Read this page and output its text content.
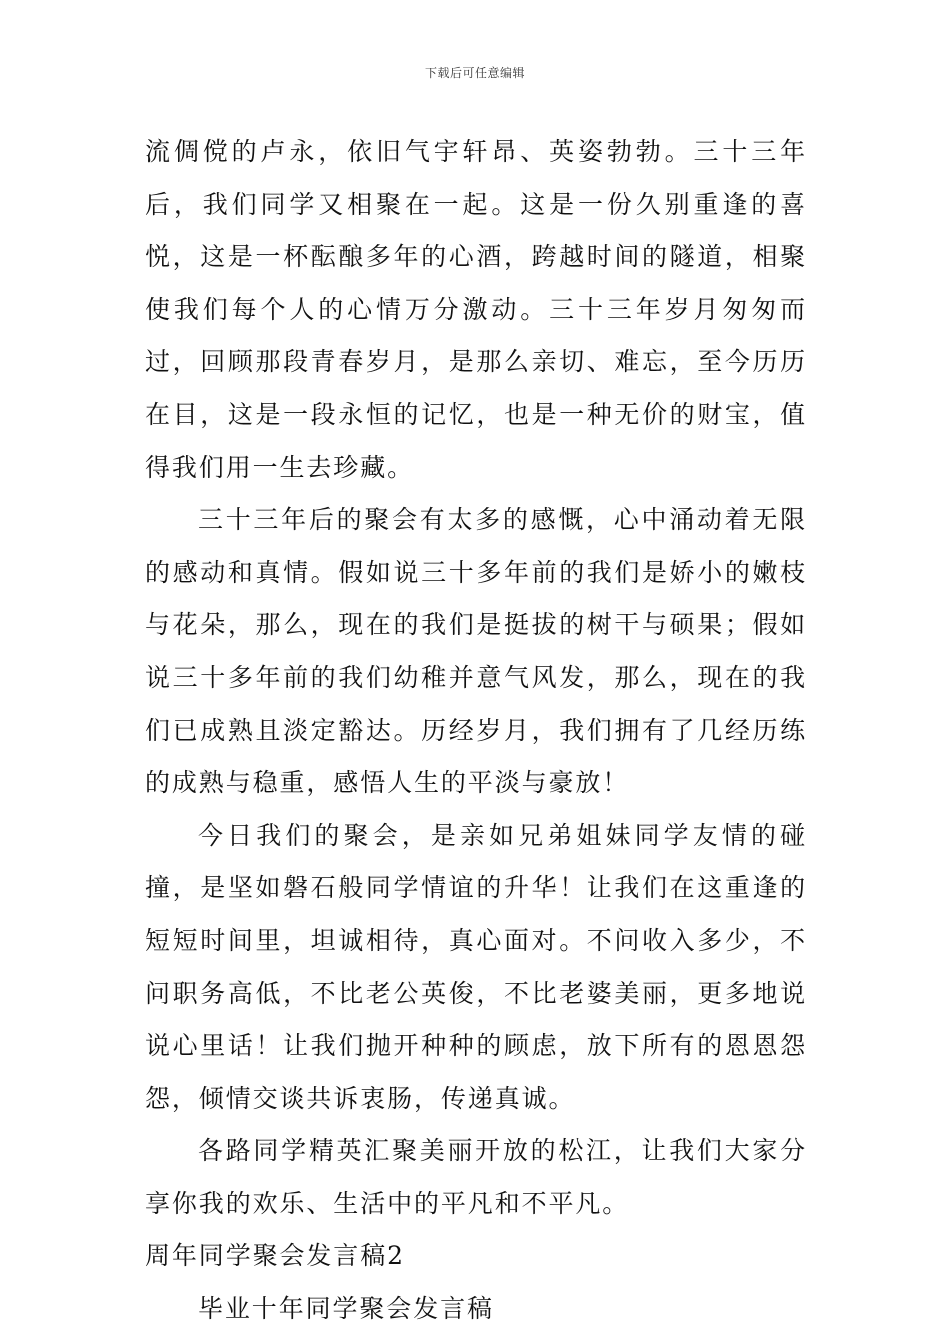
下载后可任意编辑

流倜傥的卢永，依旧气宇轩昂、英姿勃勃。三十三年后，我们同学又相聚在一起。这是一份久别重逢的喜悦，这是一杯酝酿多年的心酒，跨越时间的隧道，相聚使我们每个人的心情万分激动。三十三年岁月匆匆而过，回顾那段青春岁月，是那么亲切、难忘，至今历历在目，这是一段永恒的记忆，也是一种无价的财宝，值得我们用一生去珍藏。

三十三年后的聚会有太多的感慨，心中涌动着无限的感动和真情。假如说三十多年前的我们是娇小的嫩枝与花朵，那么，现在的我们是挺拔的树干与硕果；假如说三十多年前的我们幼稚并意气风发，那么，现在的我们已成熟且淡定豁达。历经岁月，我们拥有了几经历练的成熟与稳重，感悟人生的平淡与豪放！

今日我们的聚会，是亲如兄弟姐妹同学友情的碰撞，是坚如磐石般同学情谊的升华！让我们在这重逢的短短时间里，坦诚相待，真心面对。不问收入多少，不问职务高低，不比老公英俊，不比老婆美丽，更多地说说心里话！让我们抛开种种的顾虑，放下所有的恩恩怨怨，倾情交谈共诉衷肠，传递真诚。

各路同学精英汇聚美丽开放的松江，让我们大家分享你我的欢乐、生活中的平凡和不平凡。

周年同学聚会发言稿2

毕业十年同学聚会发言稿
